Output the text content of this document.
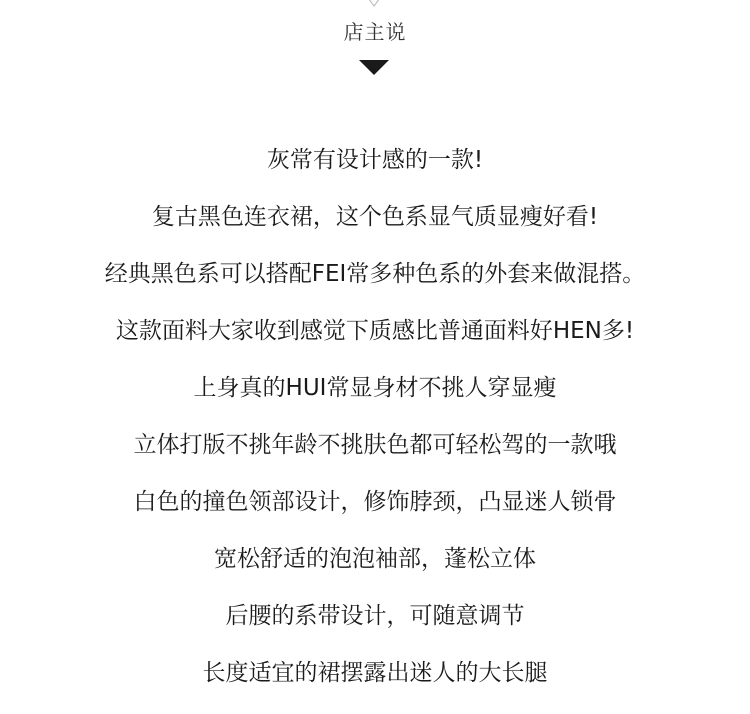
店主说
灰常有设计感的一款!
复古黑色连衣裙，这个色系显气质显瘦好看!
经典黑色系可以搭配FEI常多种色系的外套来做混搭。
这款面料大家收到感觉下质感比普通面料好HEN多!
上身真的HUI常显身材不挑人穿显瘦
立体打版不挑年龄不挑肤色都可轻松驾的一款哦
白色的撞色领部设计，修饰脖颈，凸显迷人锁骨
宽松舒适的泡泡袖部，蓬松立体
后腰的系带设计，可随意调节
长度适宜的裙摆露出迷人的大长腿
